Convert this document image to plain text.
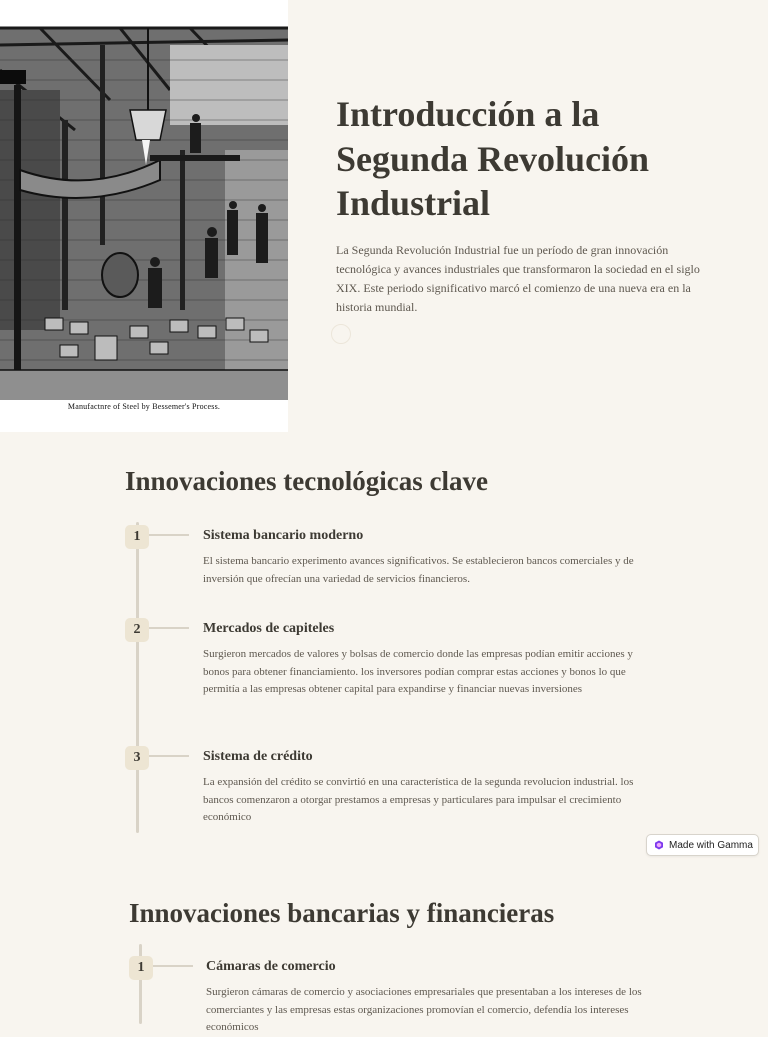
Manufactnre of Steel by Bessemer's Process.
Introducción a la Segunda Revolución Industrial

La Segunda Revolución Industrial fue un período de gran innovación tecnológica y avances industriales que transformaron la sociedad en el siglo XIX. Este periodo significativo marcó el comienzo de una nueva era en la historia mundial.

Innovaciones tecnológicas clave
1	Sistema bancario moderno

El sistema bancario experimento avances significativos. Se establecieron bancos comerciales y de inversión que ofrecían una variedad de servicios financieros.

2	Mercados de capiteles

Surgieron mercados de valores y bolsas de comercio donde las empresas podían emitir acciones y bonos para obtener financiamiento. los inversores podían comprar estas acciones y bonos lo que permitía a las empresas obtener capital para expandirse y financiar nuevas inversiones

3	Sistema de crédito

La expansión del crédito se convirtió en una característica de la segunda revolucion industrial. los bancos comenzaron a otorgar prestamos a empresas y particulares para impulsar el crecimiento económico

Made with Gamma
Innovaciones bancarias y financieras
1	Cámaras de comercio

Surgieron cámaras de comercio y asociaciones empresariales que presentaban a los intereses de los comerciantes y las empresas estas organizaciones promovían el comercio, defendía los intereses económicos
